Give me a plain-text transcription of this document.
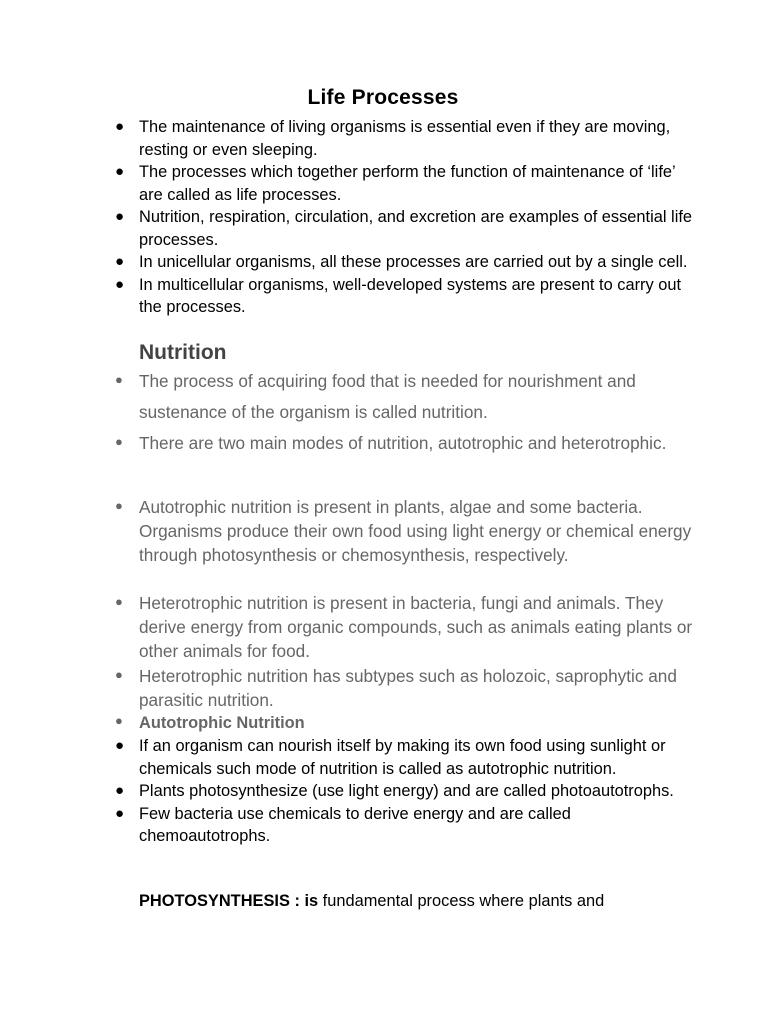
Life Processes
● The maintenance of living organisms is essential even if they are moving, resting or even sleeping.
● The processes which together perform the function of maintenance of ‘life’ are called as life processes.
● Nutrition, respiration, circulation, and excretion are examples of essential life processes.
● In unicellular organisms, all these processes are carried out by a single cell.
● In multicellular organisms, well-developed systems are present to carry out the processes.
Nutrition
● The process of acquiring food that is needed for nourishment and sustenance of the organism is called nutrition.
● There are two main modes of nutrition, autotrophic and heterotrophic.
● Autotrophic nutrition is present in plants, algae and some bacteria. Organisms produce their own food using light energy or chemical energy through photosynthesis or chemosynthesis, respectively.
● Heterotrophic nutrition is present in bacteria, fungi and animals. They derive energy from organic compounds, such as animals eating plants or other animals for food.
● Heterotrophic nutrition has subtypes such as holozoic, saprophytic and parasitic nutrition.
● Autotrophic Nutrition
● If an organism can nourish itself by making its own food using sunlight or chemicals such mode of nutrition is called as autotrophic nutrition.
● Plants photosynthesize (use light energy) and are called photoautotrophs.
● Few bacteria use chemicals to derive energy and are called chemoautotrophs.
PHOTOSYNTHESIS : is fundamental process where plants and
